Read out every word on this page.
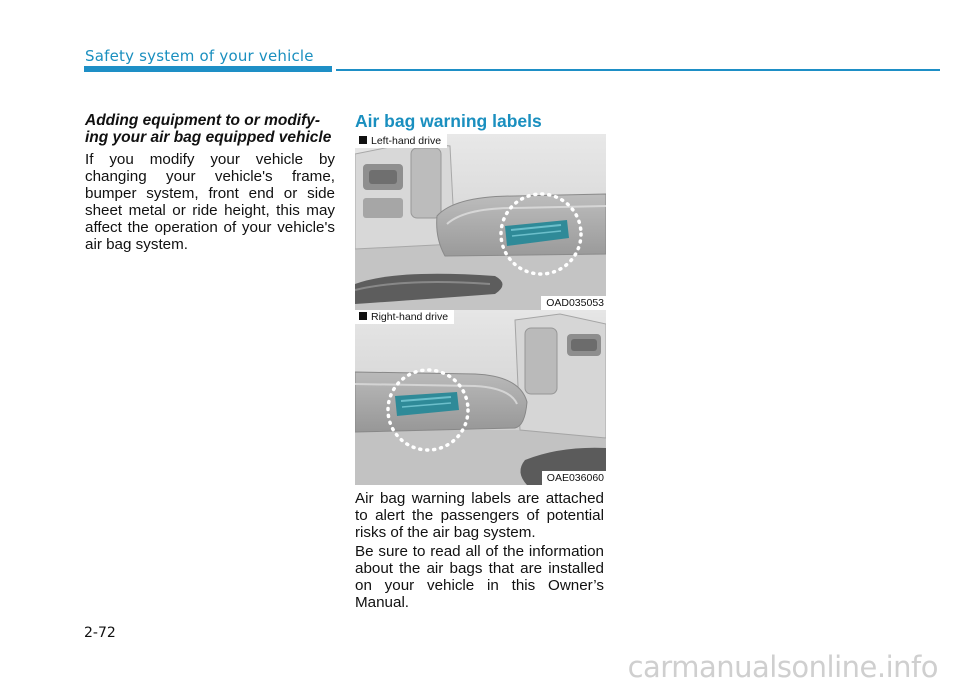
Safety system of your vehicle
Adding equipment to or modify-ing your air bag equipped vehicle

If you modify your vehicle by changing your vehicle's frame, bumper system, front end or side sheet metal or ride height, this may affect the operation of your vehicle's air bag system.

Air bag warning labels
Left-hand drive
OAD035053
Right-hand drive
OAE036060

Air bag warning labels are attached to alert the passengers of potential risks of the air bag system.

Be sure to read all of the information about the air bags that are installed on your vehicle in this Owner’s Manual.

2-72
carmanualsonline.info
